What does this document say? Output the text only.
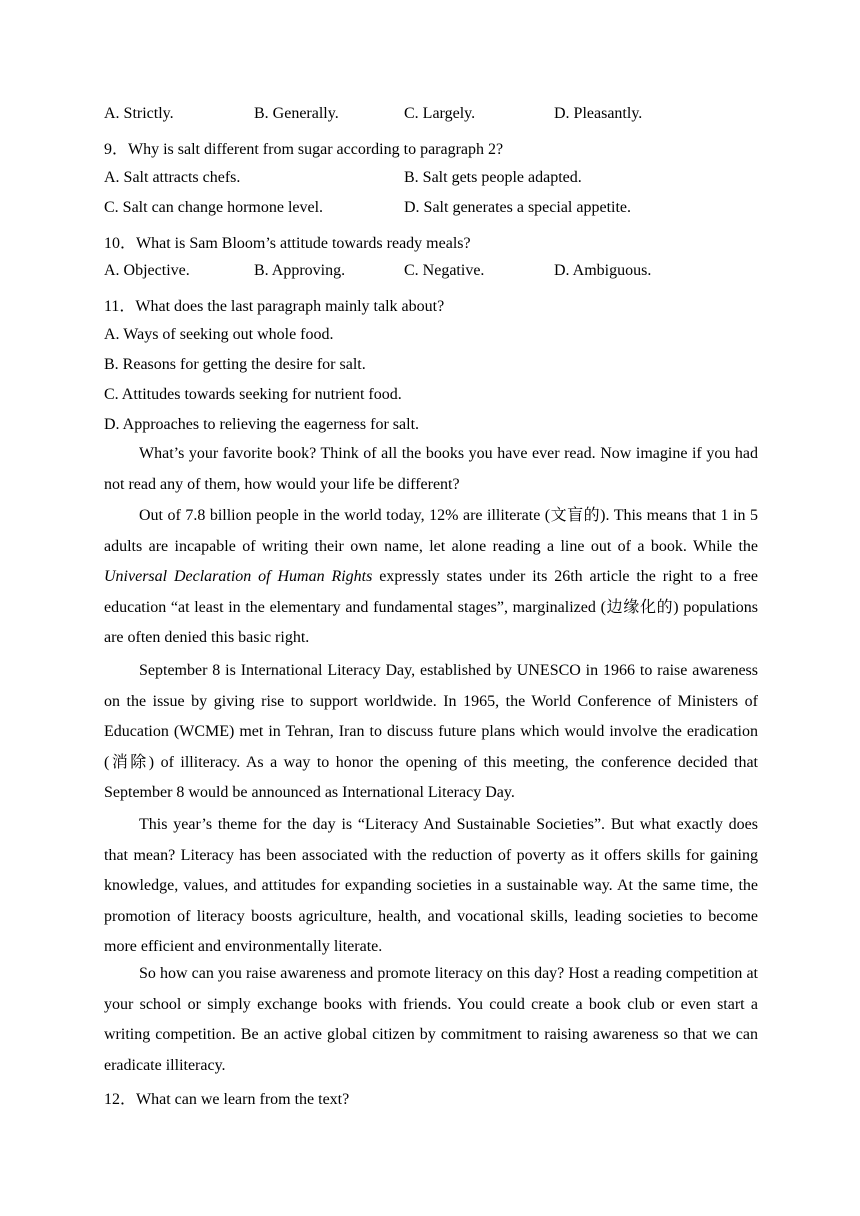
A. Strictly.	B. Generally.	C. Largely.	D. Pleasantly.
9．Why is salt different from sugar according to paragraph 2?
A. Salt attracts chefs.	B. Salt gets people adapted.
C. Salt can change hormone level.	D. Salt generates a special appetite.
10．What is Sam Bloom’s attitude towards ready meals?
A. Objective.	B. Approving.	C. Negative.	D. Ambiguous.
11．What does the last paragraph mainly talk about?
A. Ways of seeking out whole food.
B. Reasons for getting the desire for salt.
C. Attitudes towards seeking for nutrient food.
D. Approaches to relieving the eagerness for salt.

What’s your favorite book? Think of all the books you have ever read. Now imagine if you had not read any of them, how would your life be different?

Out of 7.8 billion people in the world today, 12% are illiterate (文盲的). This means that 1 in 5 adults are incapable of writing their own name, let alone reading a line out of a book. While the Universal Declaration of Human Rights expressly states under its 26th article the right to a free education “at least in the elementary and fundamental stages”, marginalized (边缘化的) populations are often denied this basic right.

September 8 is International Literacy Day, established by UNESCO in 1966 to raise awareness on the issue by giving rise to support worldwide. In 1965, the World Conference of Ministers of Education (WCME) met in Tehran, Iran to discuss future plans which would involve the eradication (消除) of illiteracy. As a way to honor the opening of this meeting, the conference decided that September 8 would be announced as International Literacy Day.

This year’s theme for the day is “Literacy And Sustainable Societies”. But what exactly does that mean? Literacy has been associated with the reduction of poverty as it offers skills for gaining knowledge, values, and attitudes for expanding societies in a sustainable way. At the same time, the promotion of literacy boosts agriculture, health, and vocational skills, leading societies to become more efficient and environmentally literate.

So how can you raise awareness and promote literacy on this day? Host a reading competition at your school or simply exchange books with friends. You could create a book club or even start a writing competition. Be an active global citizen by commitment to raising awareness so that we can eradicate illiteracy.

12．What can we learn from the text?
